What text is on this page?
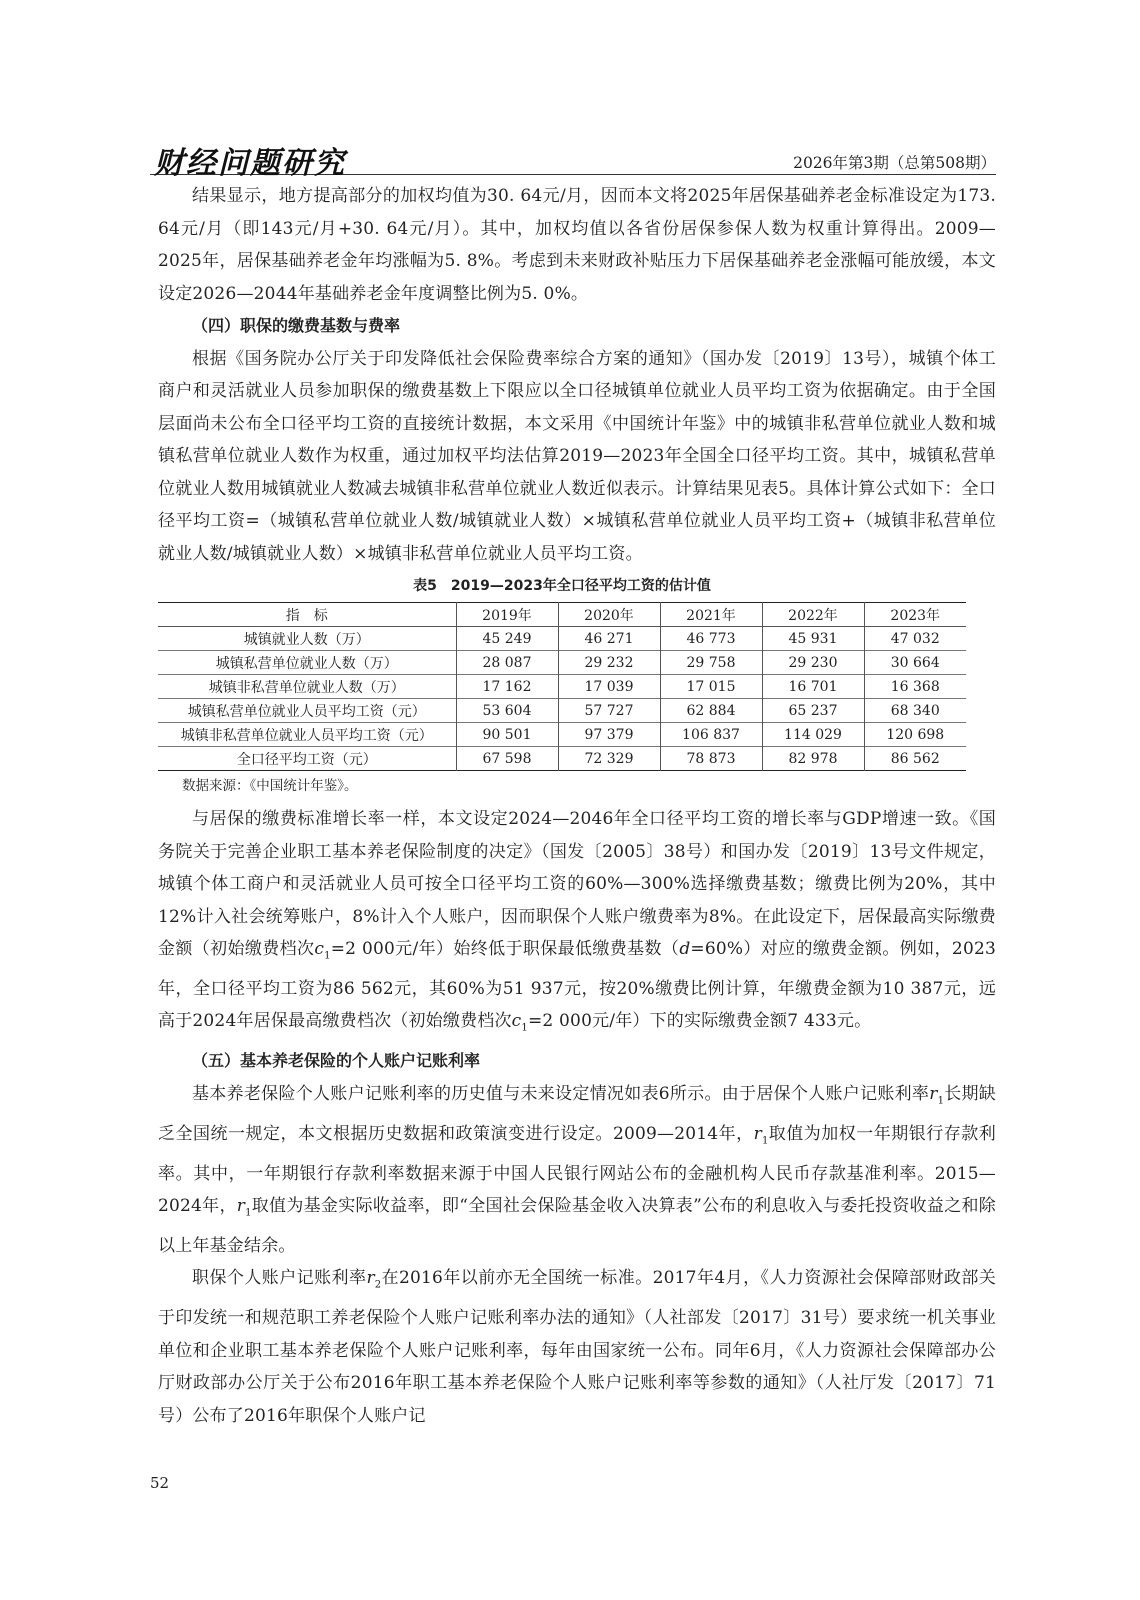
财经问题研究	2026年第3期（总第508期）

结果显示，地方提高部分的加权均值为30. 64元/月，因而本文将2025年居保基础养老金标准设定为173. 64元/月（即143元/月+30. 64元/月）。其中，加权均值以各省份居保参保人数为权重计算得出。2009—2025年，居保基础养老金年均涨幅为5. 8%。考虑到未来财政补贴压力下居保基础养老金涨幅可能放缓，本文设定2026—2044年基础养老金年度调整比例为5. 0%。

（四）职保的缴费基数与费率

根据《国务院办公厅关于印发降低社会保险费率综合方案的通知》（国办发〔2019〕13号），城镇个体工商户和灵活就业人员参加职保的缴费基数上下限应以全口径城镇单位就业人员平均工资为依据确定。由于全国层面尚未公布全口径平均工资的直接统计数据，本文采用《中国统计年鉴》中的城镇非私营单位就业人数和城镇私营单位就业人数作为权重，通过加权平均法估算2019—2023年全国全口径平均工资。其中，城镇私营单位就业人数用城镇就业人数减去城镇非私营单位就业人数近似表示。计算结果见表5。具体计算公式如下：全口径平均工资=（城镇私营单位就业人数/城镇就业人数）×城镇私营单位就业人员平均工资+（城镇非私营单位就业人数/城镇就业人数）×城镇非私营单位就业人员平均工资。

表5　2019—2023年全口径平均工资的估计值
指　标	2019年	2020年	2021年	2022年	2023年
城镇就业人数（万）	45 249	46 271	46 773	45 931	47 032
城镇私营单位就业人数（万）	28 087	29 232	29 758	29 230	30 664
城镇非私营单位就业人数（万）	17 162	17 039	17 015	16 701	16 368
城镇私营单位就业人员平均工资（元）	53 604	57 727	62 884	65 237	68 340
城镇非私营单位就业人员平均工资（元）	90 501	97 379	106 837	114 029	120 698
全口径平均工资（元）	67 598	72 329	78 873	82 978	86 562
数据来源：《中国统计年鉴》。

与居保的缴费标准增长率一样，本文设定2024—2046年全口径平均工资的增长率与GDP增速一致。《国务院关于完善企业职工基本养老保险制度的决定》（国发〔2005〕38号）和国办发〔2019〕13号文件规定，城镇个体工商户和灵活就业人员可按全口径平均工资的60%—300%选择缴费基数；缴费比例为20%，其中12%计入社会统筹账户，8%计入个人账户，因而职保个人账户缴费率为8%。在此设定下，居保最高实际缴费金额（初始缴费档次$c_1=2$ 000元/年）始终低于职保最低缴费基数（d=60%）对应的缴费金额。例如，2023年，全口径平均工资为86 562元，其60%为51 937元，按20%缴费比例计算，年缴费金额为10 387元，远高于2024年居保最高缴费档次（初始缴费档次$c_1=2$ 000元/年）下的实际缴费金额7 433元。

（五）基本养老保险的个人账户记账利率

基本养老保险个人账户记账利率的历史值与未来设定情况如表6所示。由于居保个人账户记账利率$r_1$长期缺乏全国统一规定，本文根据历史数据和政策演变进行设定。2009—2014年，$r_1$取值为加权一年期银行存款利率。其中，一年期银行存款利率数据来源于中国人民银行网站公布的金融机构人民币存款基准利率。2015—2024年，$r_1$取值为基金实际收益率，即“全国社会保险基金收入决算表”公布的利息收入与委托投资收益之和除以上年基金结余。

职保个人账户记账利率$r_2$在2016年以前亦无全国统一标准。2017年4月，《人力资源社会保障部财政部关于印发统一和规范职工养老保险个人账户记账利率办法的通知》（人社部发〔2017〕31号）要求统一机关事业单位和企业职工基本养老保险个人账户记账利率，每年由国家统一公布。同年6月，《人力资源社会保障部办公厅财政部办公厅关于公布2016年职工基本养老保险个人账户记账利率等参数的通知》（人社厅发〔2017〕71号）公布了2016年职保个人账户记

52
